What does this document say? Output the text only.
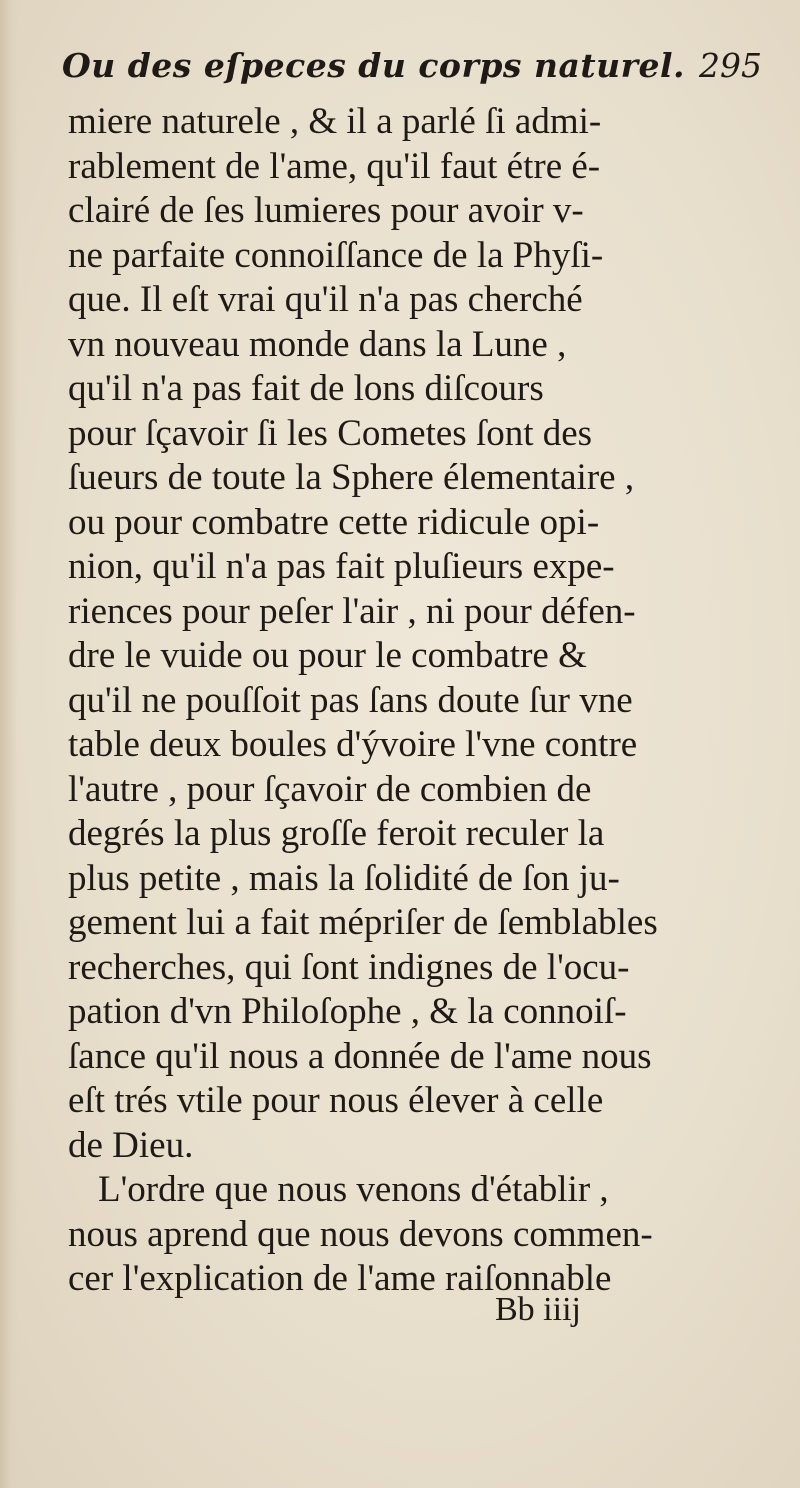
Ou des eſpeces du corps naturel. 295
miere naturele , & il a parlé ſi admi-
rablement de l'ame, qu'il faut étre é-
clairé de ſes lumieres pour avoir v-
ne parfaite connoiſſance de la Phyſi-
que. Il eſt vrai qu'il n'a pas cherché
vn nouveau monde dans la Lune ,
qu'il n'a pas fait de lons diſcours
pour ſçavoir ſi les Cometes ſont des
ſueurs de toute la Sphere élementaire ,
ou pour combatre cette ridicule opi-
nion, qu'il n'a pas fait pluſieurs expe-
riences pour peſer l'air , ni pour défen-
dre le vuide ou pour le combatre &
qu'il ne pouſſoit pas ſans doute ſur vne
table deux boules d'ývoire l'vne contre
l'autre , pour ſçavoir de combien de
degrés la plus groſſe feroit reculer la
plus petite , mais la ſolidité de ſon ju-
gement lui a fait mépriſer de ſemblables
recherches, qui ſont indignes de l'ocu-
pation d'vn Philoſophe , & la connoiſ-
ſance qu'il nous a donnée de l'ame nous
eſt trés vtile pour nous élever à celle
de Dieu.
L'ordre que nous venons d'établir ,
nous aprend que nous devons commen-
cer l'explication de l'ame raiſonnable
Bb iiij
